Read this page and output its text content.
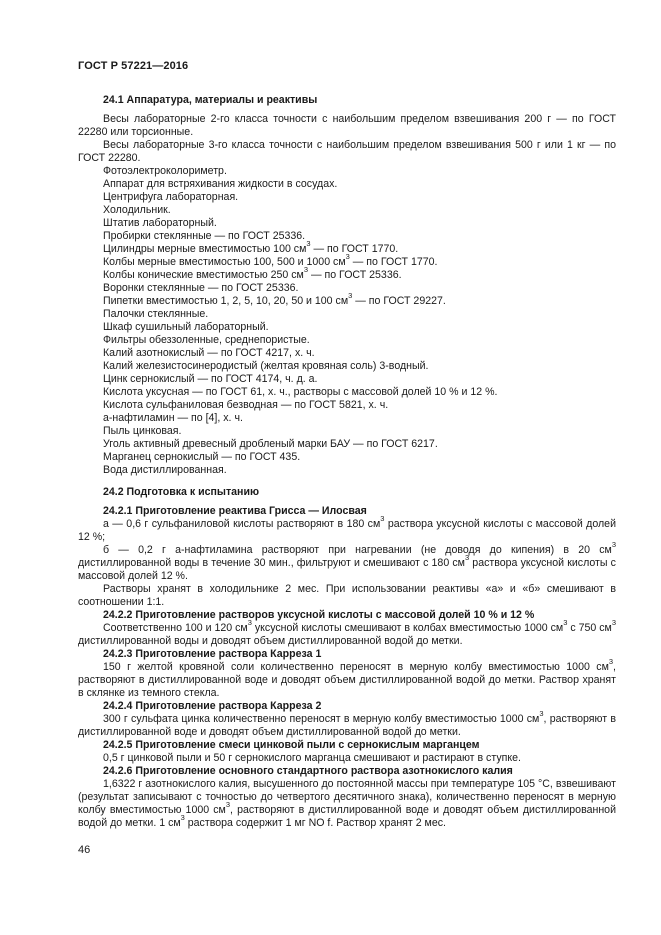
ГОСТ Р 57221—2016

24.1 Аппаратура, материалы и реактивы

Весы лабораторные 2-го класса точности с наибольшим пределом взвешивания 200 г — по ГОСТ 22280 или торсионные.

Весы лабораторные 3-го класса точности с наибольшим пределом взвешивания 500 г или 1 кг — по ГОСТ 22280.

Фотоэлектроколориметр.

Аппарат для встряхивания жидкости в сосудах.

Центрифуга лабораторная.

Холодильник.

Штатив лабораторный.

Пробирки стеклянные — по ГОСТ 25336.

Цилиндры мерные вместимостью 100 $см^3$ — по ГОСТ 1770.

Колбы мерные вместимостью 100, 500 и 1000 $см^3$ — по ГОСТ 1770.

Колбы конические вместимостью 250 $см^3$ — по ГОСТ 25336.

Воронки стеклянные — по ГОСТ 25336.

Пипетки вместимостью 1, 2, 5, 10, 20, 50 и 100 $см^3$ — по ГОСТ 29227.

Палочки стеклянные.

Шкаф сушильный лабораторный.

Фильтры обеззоленные, среднепористые.

Калий азотнокислый — по ГОСТ 4217, х. ч.

Калий железистосинеродистый (желтая кровяная соль) 3-водный.

Цинк сернокислый — по ГОСТ 4174, ч. д. а.

Кислота уксусная — по ГОСТ 61, х. ч., растворы с массовой долей 10 % и 12 %.

Кислота сульфаниловая безводная — по ГОСТ 5821, х. ч.

а-нафтиламин — по [4], х. ч.

Пыль цинковая.

Уголь активный древесный дробленый марки БАУ — по ГОСТ 6217.

Марганец сернокислый — по ГОСТ 435.

Вода дистиллированная.

24.2 Подготовка к испытанию

24.2.1 Приготовление реактива Грисса — Илосвая

а — 0,6 г сульфаниловой кислоты растворяют в 180 $см^3$ раствора уксусной кислоты с массовой долей 12 %;

б — 0,2 г а-нафтиламина растворяют при нагревании (не доводя до кипения) в 20 $см^3$ дистиллированной воды в течение 30 мин., фильтруют и смешивают с 180 $см^3$ раствора уксусной кислоты с массовой долей 12 %.

Растворы хранят в холодильнике 2 мес. При использовании реактивы «а» и «б» смешивают в соотношении 1:1.

24.2.2 Приготовление растворов уксусной кислоты с массовой долей 10 % и 12 %

Соответственно 100 и 120 $см^3$ уксусной кислоты смешивают в колбах вместимостью 1000 $см^3$ с 750 $см^3$ дистиллированной воды и доводят объем дистиллированной водой до метки.

24.2.3 Приготовление раствора Карреза 1

150 г желтой кровяной соли количественно переносят в мерную колбу вместимостью 1000 $см^3$, растворяют в дистиллированной воде и доводят объем дистиллированной водой до метки. Раствор хранят в склянке из темного стекла.

24.2.4 Приготовление раствора Карреза 2

300 г сульфата цинка количественно переносят в мерную колбу вместимостью 1000 $см^3$, растворяют в дистиллированной воде и доводят объем дистиллированной водой до метки.

24.2.5 Приготовление смеси цинковой пыли с сернокислым марганцем

0,5 г цинковой пыли и 50 г сернокислого марганца смешивают и растирают в ступке.

24.2.6 Приготовление основного стандартного раствора азотнокислого калия

1,6322 г азотнокислого калия, высушенного до постоянной массы при температуре 105 °С, взвешивают (результат записывают с точностью до четвертого десятичного знака), количественно переносят в мерную колбу вместимостью 1000 $см^3$, растворяют в дистиллированной воде и доводят объем дистиллированной водой до метки. 1 $см^3$ раствора содержит 1 мг NO f. Раствор хранят 2 мес.

46
